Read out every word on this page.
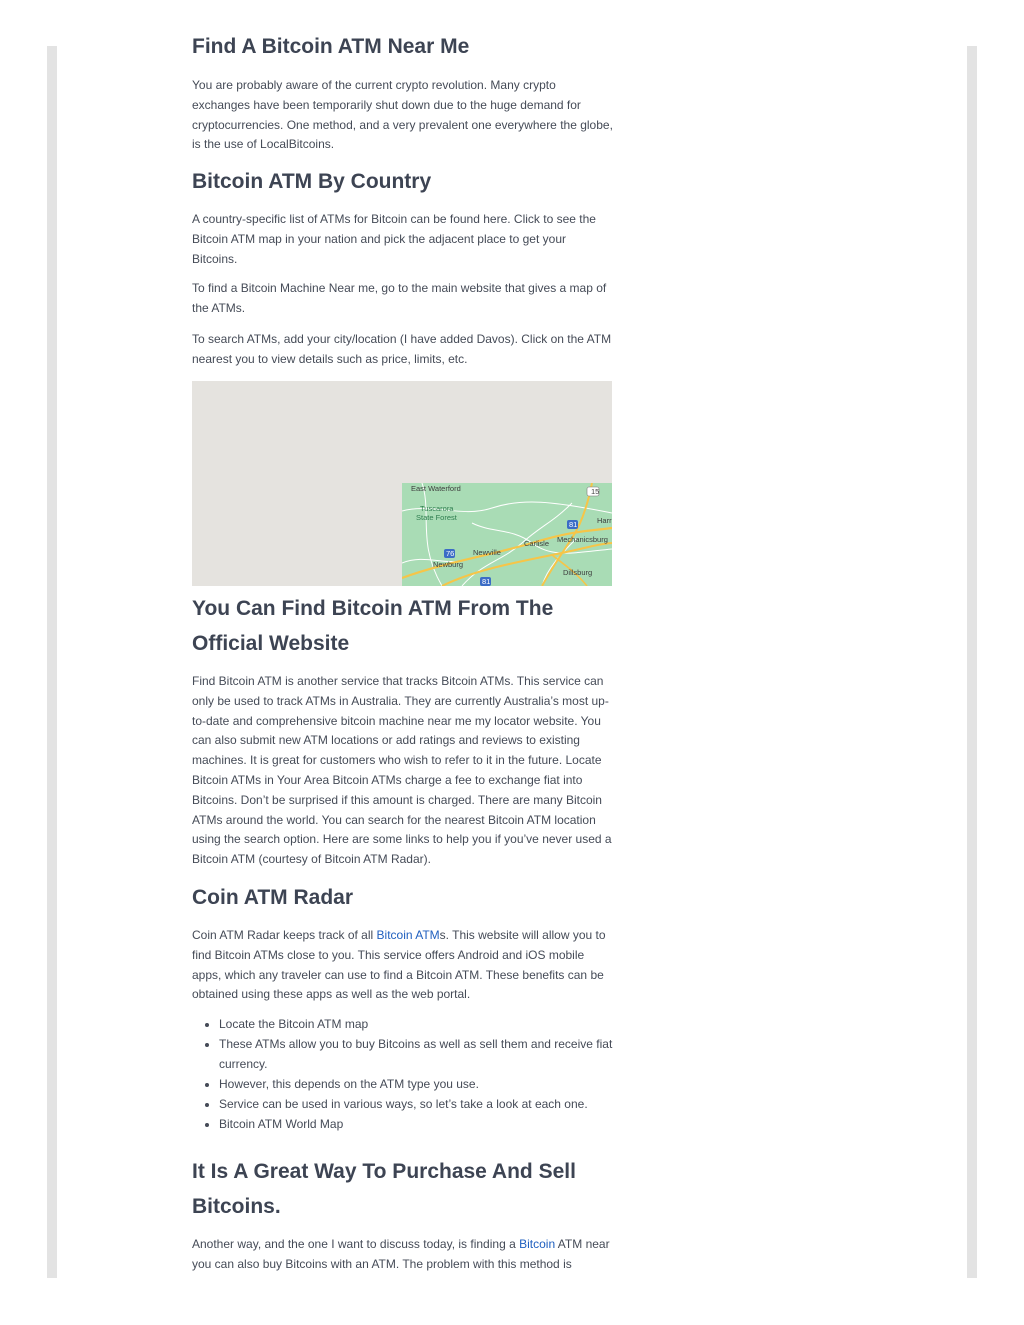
Find A Bitcoin ATM Near Me

You are probably aware of the current crypto revolution. Many crypto exchanges have been temporarily shut down due to the huge demand for cryptocurrencies. One method, and a very prevalent one everywhere the globe, is the use of LocalBitcoins.

Bitcoin ATM By Country

A country-specific list of ATMs for Bitcoin can be found here. Click to see the Bitcoin ATM map in your nation and pick the adjacent place to get your Bitcoins.

To find a Bitcoin Machine Near me, go to the main website that gives a map of the ATMs.

To search ATMs, add your city/location (I have added Davos). Click on the ATM nearest you to view details such as price, limits, etc.

15
81
76
81
East Waterford
Tuscarora
State Forest
Carlisle Mechanicsburg
Harr
Newville
Newburg
Dillsburg
You Can Find Bitcoin ATM From The Official Website

Find Bitcoin ATM is another service that tracks Bitcoin ATMs. This service can only be used to track ATMs in Australia. They are currently Australia’s most up-to-date and comprehensive bitcoin machine near me my locator website. You can also submit new ATM locations or add ratings and reviews to existing machines. It is great for customers who wish to refer to it in the future. Locate Bitcoin ATMs in Your Area Bitcoin ATMs charge a fee to exchange fiat into Bitcoins. Don’t be surprised if this amount is charged. There are many Bitcoin ATMs around the world. You can search for the nearest Bitcoin ATM location using the search option. Here are some links to help you if you’ve never used a Bitcoin ATM (courtesy of Bitcoin ATM Radar).

Coin ATM Radar

Coin ATM Radar keeps track of all Bitcoin ATMs. This website will allow you to find Bitcoin ATMs close to you. This service offers Android and iOS mobile apps, which any traveler can use to find a Bitcoin ATM. These benefits can be obtained using these apps as well as the web portal.

• Locate the Bitcoin ATM map
• These ATMs allow you to buy Bitcoins as well as sell them and receive fiat currency.
• However, this depends on the ATM type you use.
• Service can be used in various ways, so let’s take a look at each one.
• Bitcoin ATM World Map
It Is A Great Way To Purchase And Sell Bitcoins.

Another way, and the one I want to discuss today, is finding a Bitcoin ATM near you can also buy Bitcoins with an ATM. The problem with this method is
